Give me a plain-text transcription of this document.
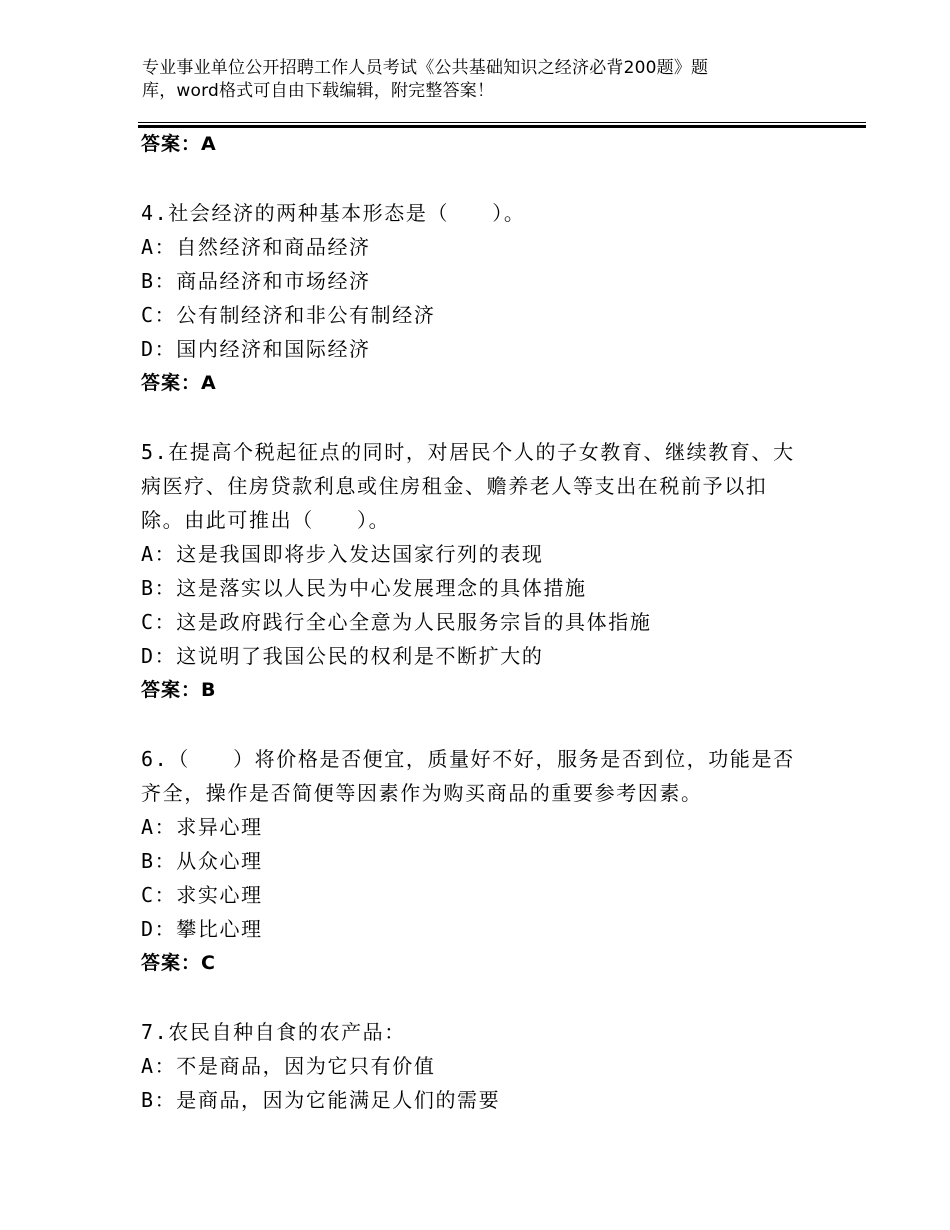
专业事业单位公开招聘工作人员考试《公共基础知识之经济必背200题》题
库，word格式可自由下载编辑，附完整答案！
答案：A
4.社会经济的两种基本形态是（　　）。
A：自然经济和商品经济
B：商品经济和市场经济
C：公有制经济和非公有制经济
D：国内经济和国际经济
答案：A
5.在提高个税起征点的同时，对居民个人的子女教育、继续教育、大
病医疗、住房贷款利息或住房租金、赡养老人等支出在税前予以扣
除。由此可推出（　　）。
A：这是我国即将步入发达国家行列的表现
B：这是落实以人民为中心发展理念的具体措施
C：这是政府践行全心全意为人民服务宗旨的具体指施
D：这说明了我国公民的权利是不断扩大的
答案：B
6.（　　）将价格是否便宜，质量好不好，服务是否到位，功能是否
齐全，操作是否简便等因素作为购买商品的重要参考因素。
A：求异心理
B：从众心理
C：求实心理
D：攀比心理
答案：C
7.农民自种自食的农产品：
A：不是商品，因为它只有价值
B：是商品，因为它能满足人们的需要
